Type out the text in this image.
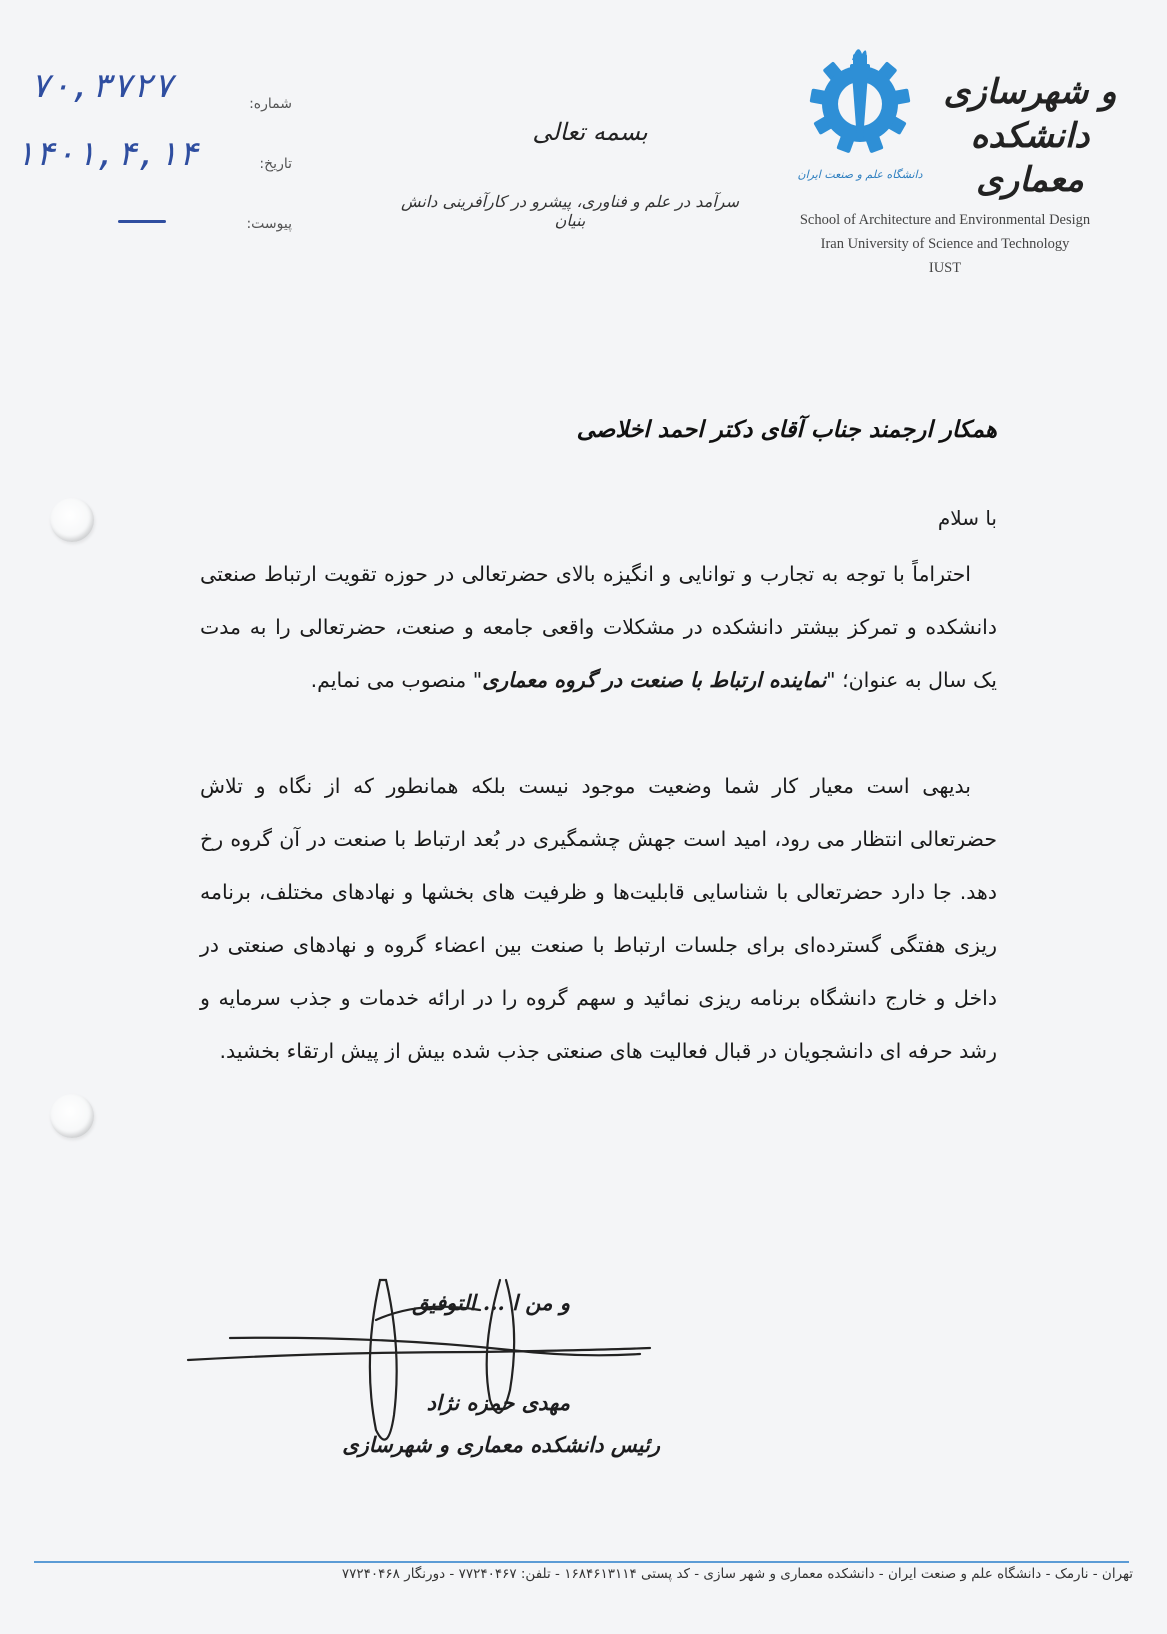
شماره:
تاریخ:
پیوست:
۷۰,۳۷۲۷
۱۴۰۱,۴,۱۴
بسمه تعالی
سرآمد در علم و فناوری، پیشرو در کارآفرینی دانش بنیان
دانشگاه علم و صنعت ایران
و شهرسازی
دانشکده معماری
School of Architecture and Environmental Design
Iran University of Science and Technology
IUST
همکار ارجمند جناب آقای دکتر احمد اخلاصی
با سلام
احتراماً با توجه به تجارب و توانایی و انگیزه بالای حضرتعالی در حوزه تقویت ارتباط صنعتی دانشکده و تمرکز بیشتر دانشکده در مشکلات واقعی جامعه و صنعت، حضرتعالی را به مدت یک سال به عنوان؛ "نماینده ارتباط با صنعت در گروه معماری" منصوب می نمایم.
بدیهی است معیار کار شما وضعیت موجود نیست بلکه همانطور که از نگاه و تلاش حضرتعالی انتظار می رود، امید است جهش چشمگیری در بُعد ارتباط با صنعت در آن گروه رخ دهد. جا دارد حضرتعالی با شناسایی قابلیت‌ها و ظرفیت های بخشها و نهادهای مختلف، برنامه ریزی هفتگی گسترده‌ای برای جلسات ارتباط با صنعت بین اعضاء گروه و نهادهای صنعتی در داخل و خارج دانشگاه برنامه ریزی نمائید و سهم گروه را در ارائه خدمات و جذب سرمایه و رشد حرفه ای دانشجویان در قبال فعالیت های صنعتی جذب شده بیش از پیش ارتقاء بخشید.
و من ا ... التوفیق
مهدی حمزه نژاد
رئیس دانشکده معماری و شهرسازی
تهران - نارمک - دانشگاه علم و صنعت ایران - دانشکده معماری و شهر سازی - کد پستی ۱۶۸۴۶۱۳۱۱۴ - تلفن: ۷۷۲۴۰۴۶۷ - دورنگار ۷۷۲۴۰۴۶۸
